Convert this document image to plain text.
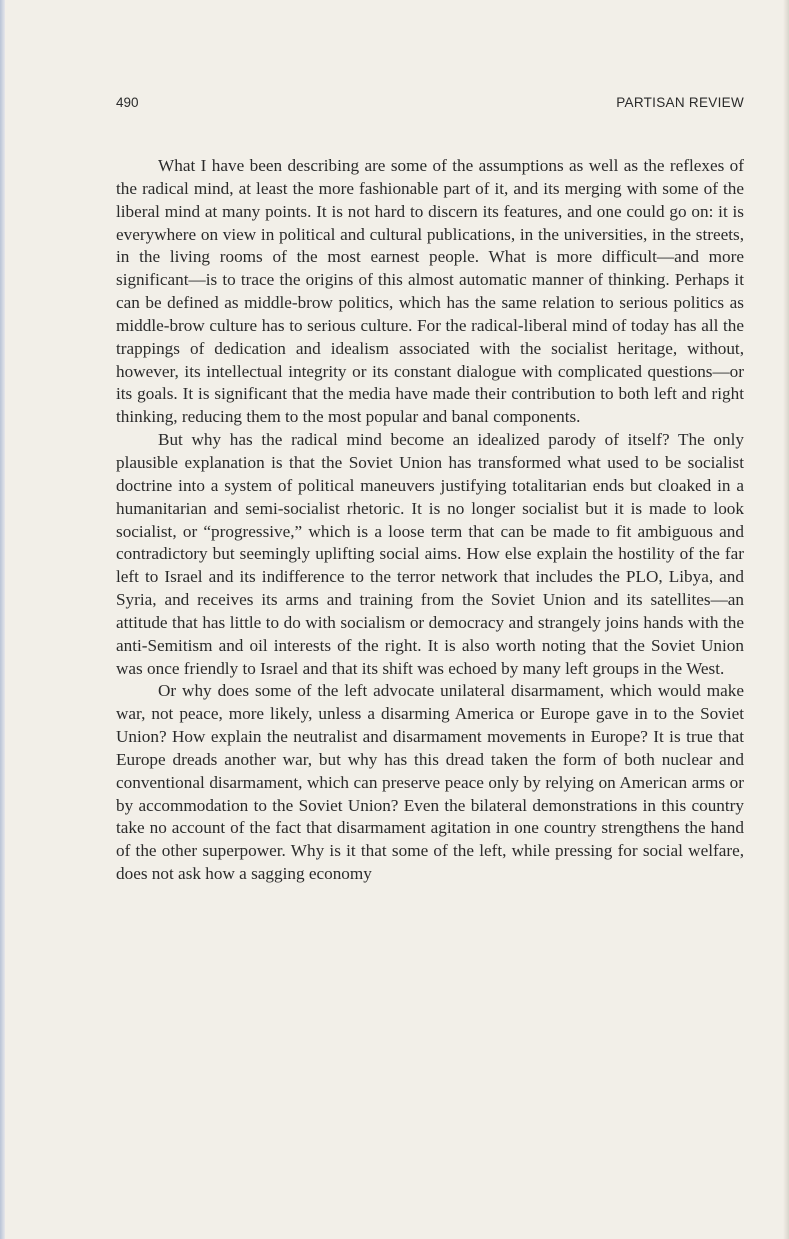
490	PARTISAN REVIEW

What I have been describing are some of the assumptions as well as the reflexes of the radical mind, at least the more fashionable part of it, and its merging with some of the liberal mind at many points. It is not hard to discern its features, and one could go on: it is everywhere on view in political and cultural publications, in the universities, in the streets, in the living rooms of the most earnest people. What is more difficult—and more significant—is to trace the origins of this almost automatic manner of thinking. Perhaps it can be defined as middle-brow politics, which has the same relation to serious politics as middle-brow culture has to serious culture. For the radical-liberal mind of today has all the trappings of dedication and idealism associated with the socialist heritage, without, however, its intellectual integrity or its constant dialogue with complicated questions—or its goals. It is significant that the media have made their contribution to both left and right thinking, reducing them to the most popular and banal components.

But why has the radical mind become an idealized parody of itself? The only plausible explanation is that the Soviet Union has transformed what used to be socialist doctrine into a system of political maneuvers justifying totalitarian ends but cloaked in a humanitarian and semi-socialist rhetoric. It is no longer socialist but it is made to look socialist, or “progressive,” which is a loose term that can be made to fit ambiguous and contradictory but seemingly uplifting social aims. How else explain the hostility of the far left to Israel and its indifference to the terror network that includes the PLO, Libya, and Syria, and receives its arms and training from the Soviet Union and its satellites—an attitude that has little to do with socialism or democracy and strangely joins hands with the anti-Semitism and oil interests of the right. It is also worth noting that the Soviet Union was once friendly to Israel and that its shift was echoed by many left groups in the West.

Or why does some of the left advocate unilateral disarmament, which would make war, not peace, more likely, unless a disarming America or Europe gave in to the Soviet Union? How explain the neutralist and disarmament movements in Europe? It is true that Europe dreads another war, but why has this dread taken the form of both nuclear and conventional disarmament, which can preserve peace only by relying on American arms or by accommodation to the Soviet Union? Even the bilateral demonstrations in this country take no account of the fact that disarmament agitation in one country strengthens the hand of the other superpower. Why is it that some of the left, while pressing for social welfare, does not ask how a sagging economy
